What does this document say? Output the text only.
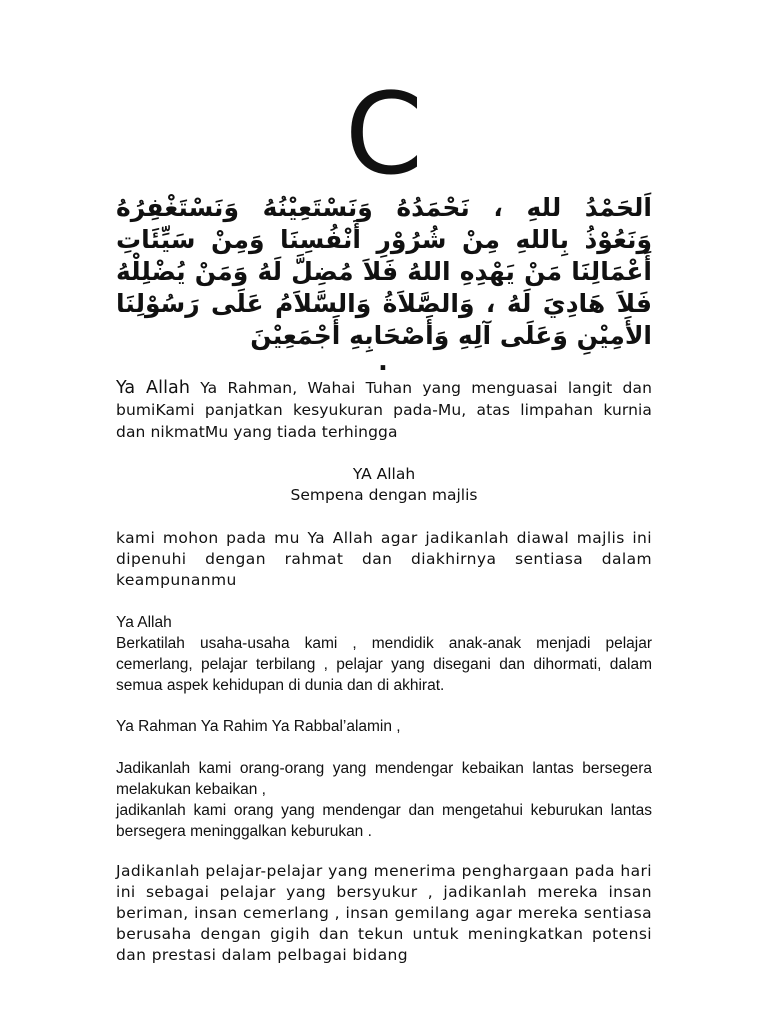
C
اَلحَمْدُ للهِ ، نَحْمَدُهُ وَنَسْتَعِيْنُهُ وَنَسْتَغْفِرُهُ وَنَعُوْذُ بِاللهِ مِنْ شُرُوْرِ أَنْفُسِنَا وَمِنْ سَيِّئَاتِ أَعْمَالِنَا مَنْ يَهْدِهِ اللهُ فَلاَ مُضِلَّ لَهُ وَمَنْ يُضْلِلْهُ فَلاَ هَادِيَ لَهُ ، وَالصَّلاَةُ وَالسَّلاَمُ عَلَى رَسُوْلِنَا الأَمِيْنِ وَعَلَى آلِهِ وَأَصْحَابِهِ أَجْمَعِيْنَ
.
Ya Allah Ya Rahman, Wahai Tuhan yang menguasai langit dan bumiKami panjatkan kesyukuran pada-Mu, atas limpahan kurnia dan nikmatMu yang tiada terhingga
YA Allah
Sempena dengan majlis
kami mohon pada mu Ya Allah agar jadikanlah diawal majlis ini dipenuhi dengan rahmat dan diakhirnya sentiasa dalam keampunanmu
Ya Allah
Berkatilah usaha-usaha kami , mendidik anak-anak menjadi pelajar cemerlang, pelajar terbilang , pelajar yang disegani dan dihormati, dalam semua aspek kehidupan di dunia dan di akhirat.
Ya Rahman Ya Rahim Ya Rabbal’alamin ,
Jadikanlah kami orang-orang yang mendengar kebaikan lantas bersegera melakukan kebaikan ,
jadikanlah kami orang yang mendengar dan mengetahui keburukan lantas bersegera meninggalkan keburukan .
Jadikanlah pelajar-pelajar yang menerima penghargaan pada hari ini sebagai pelajar yang bersyukur , jadikanlah mereka insan beriman, insan cemerlang , insan gemilang agar mereka sentiasa berusaha dengan gigih dan tekun untuk meningkatkan potensi dan prestasi dalam pelbagai bidang
